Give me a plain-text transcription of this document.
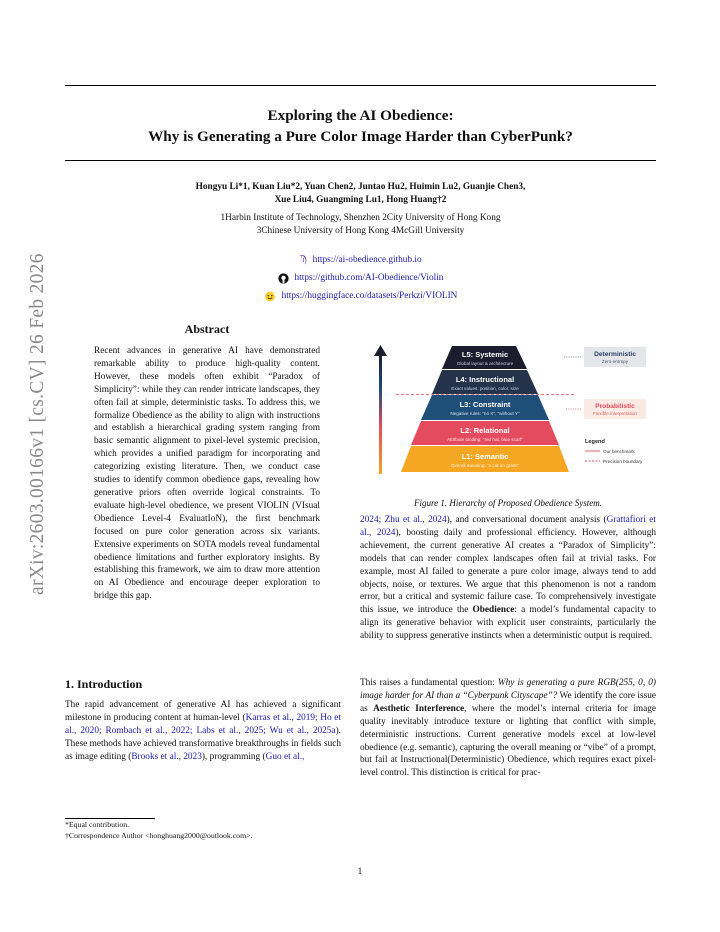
arXiv:2603.00166v1 [cs.CV] 26 Feb 2026
Exploring the AI Obedience:
Why is Generating a Pure Color Image Harder than CyberPunk?
Hongyu Li*1, Kuan Liu*2, Yuan Chen2, Juntao Hu2, Huimin Lu2, Guanjie Chen3,
Xue Liu4, Guangming Lu1, Hong Huang†2
1Harbin Institute of Technology, Shenzhen 2City University of Hong Kong
3Chinese University of Hong Kong 4McGill University
Ϡ https://ai-obedience.github.io
https://github.com/AI-Obedience/Violin
https://huggingface.co/datasets/Perkzi/VIOLIN
Abstract
Recent advances in generative AI have demonstrated remarkable ability to produce high-quality content. However, these models often exhibit “Paradox of Simplicity”: while they can render intricate landscapes, they often fail at simple, deterministic tasks. To address this, we formalize Obedience as the ability to align with instructions and establish a hierarchical grading system ranging from basic semantic alignment to pixel-level systemic precision, which provides a unified paradigm for incorporating and categorizing existing literature. Then, we conduct case studies to identify common obedience gaps, revealing how generative priors often override logical constraints. To evaluate high-level obedience, we present VIOLIN (VIsual Obedience Level-4 EvaluatIoN), the first benchmark focused on pure color generation across six variants. Extensive experiments on SOTA models reveal fundamental obedience limitations and further exploratory insights. By establishing this framework, we aim to draw more attention on AI Obedience and encourage deeper exploration to bridge this gap.
1. Introduction
The rapid advancement of generative AI has achieved a significant milestone in producing content at human-level (Karras et al., 2019; Ho et al., 2020; Rombach et al., 2022; Labs et al., 2025; Wu et al., 2025a). These methods have achieved transformative breakthroughs in fields such as image editing (Brooks et al., 2023), programming (Guo et al.,
*Equal contribution.
†Correspondence Author <honghuang2000@outlook.com>.
L5: Systemic
Global layout & architecture
L4: Instructional
Exact values: position, color, size
L3: Constraint
Negative rules: "no X", "without Y"
L2: Relational
Attribute binding: "red hat, blue scarf"
L1: Semantic
Overall meaning: "a cat on grass"
Deterministic
Zero-entropy
Probabilistic
Flexible interpretation
Legend
Our benchmark
Precision boundary
Figure 1. Hierarchy of Proposed Obedience System.
2024; Zhu et al., 2024), and conversational document analysis (Grattafiori et al., 2024), boosting daily and professional efficiency. However, although achievement, the current generative AI creates a “Paradox of Simplicity”: models that can render complex landscapes often fail at trivial tasks. For example, most AI failed to generate a pure color image, always tend to add objects, noise, or textures. We argue that this phenomenon is not a random error, but a critical and systemic failure case. To comprehensively investigate this issue, we introduce the Obedience: a model’s fundamental capacity to align its generative behavior with explicit user constraints, particularly the ability to suppress generative instincts when a deterministic output is required.
This raises a fundamental question: Why is generating a pure RGB(255, 0, 0) image harder for AI than a “Cyberpunk Cityscape”? We identify the core issue as Aesthetic Interference, where the model’s internal criteria for image quality inevitably introduce texture or lighting that conflict with simple, deterministic instructions. Current generative models excel at low-level obedience (e.g. semantic), capturing the overall meaning or “vibe” of a prompt, but fail at Instructional(Deterministic) Obedience, which requires exact pixel-level control. This distinction is critical for prac-
1
